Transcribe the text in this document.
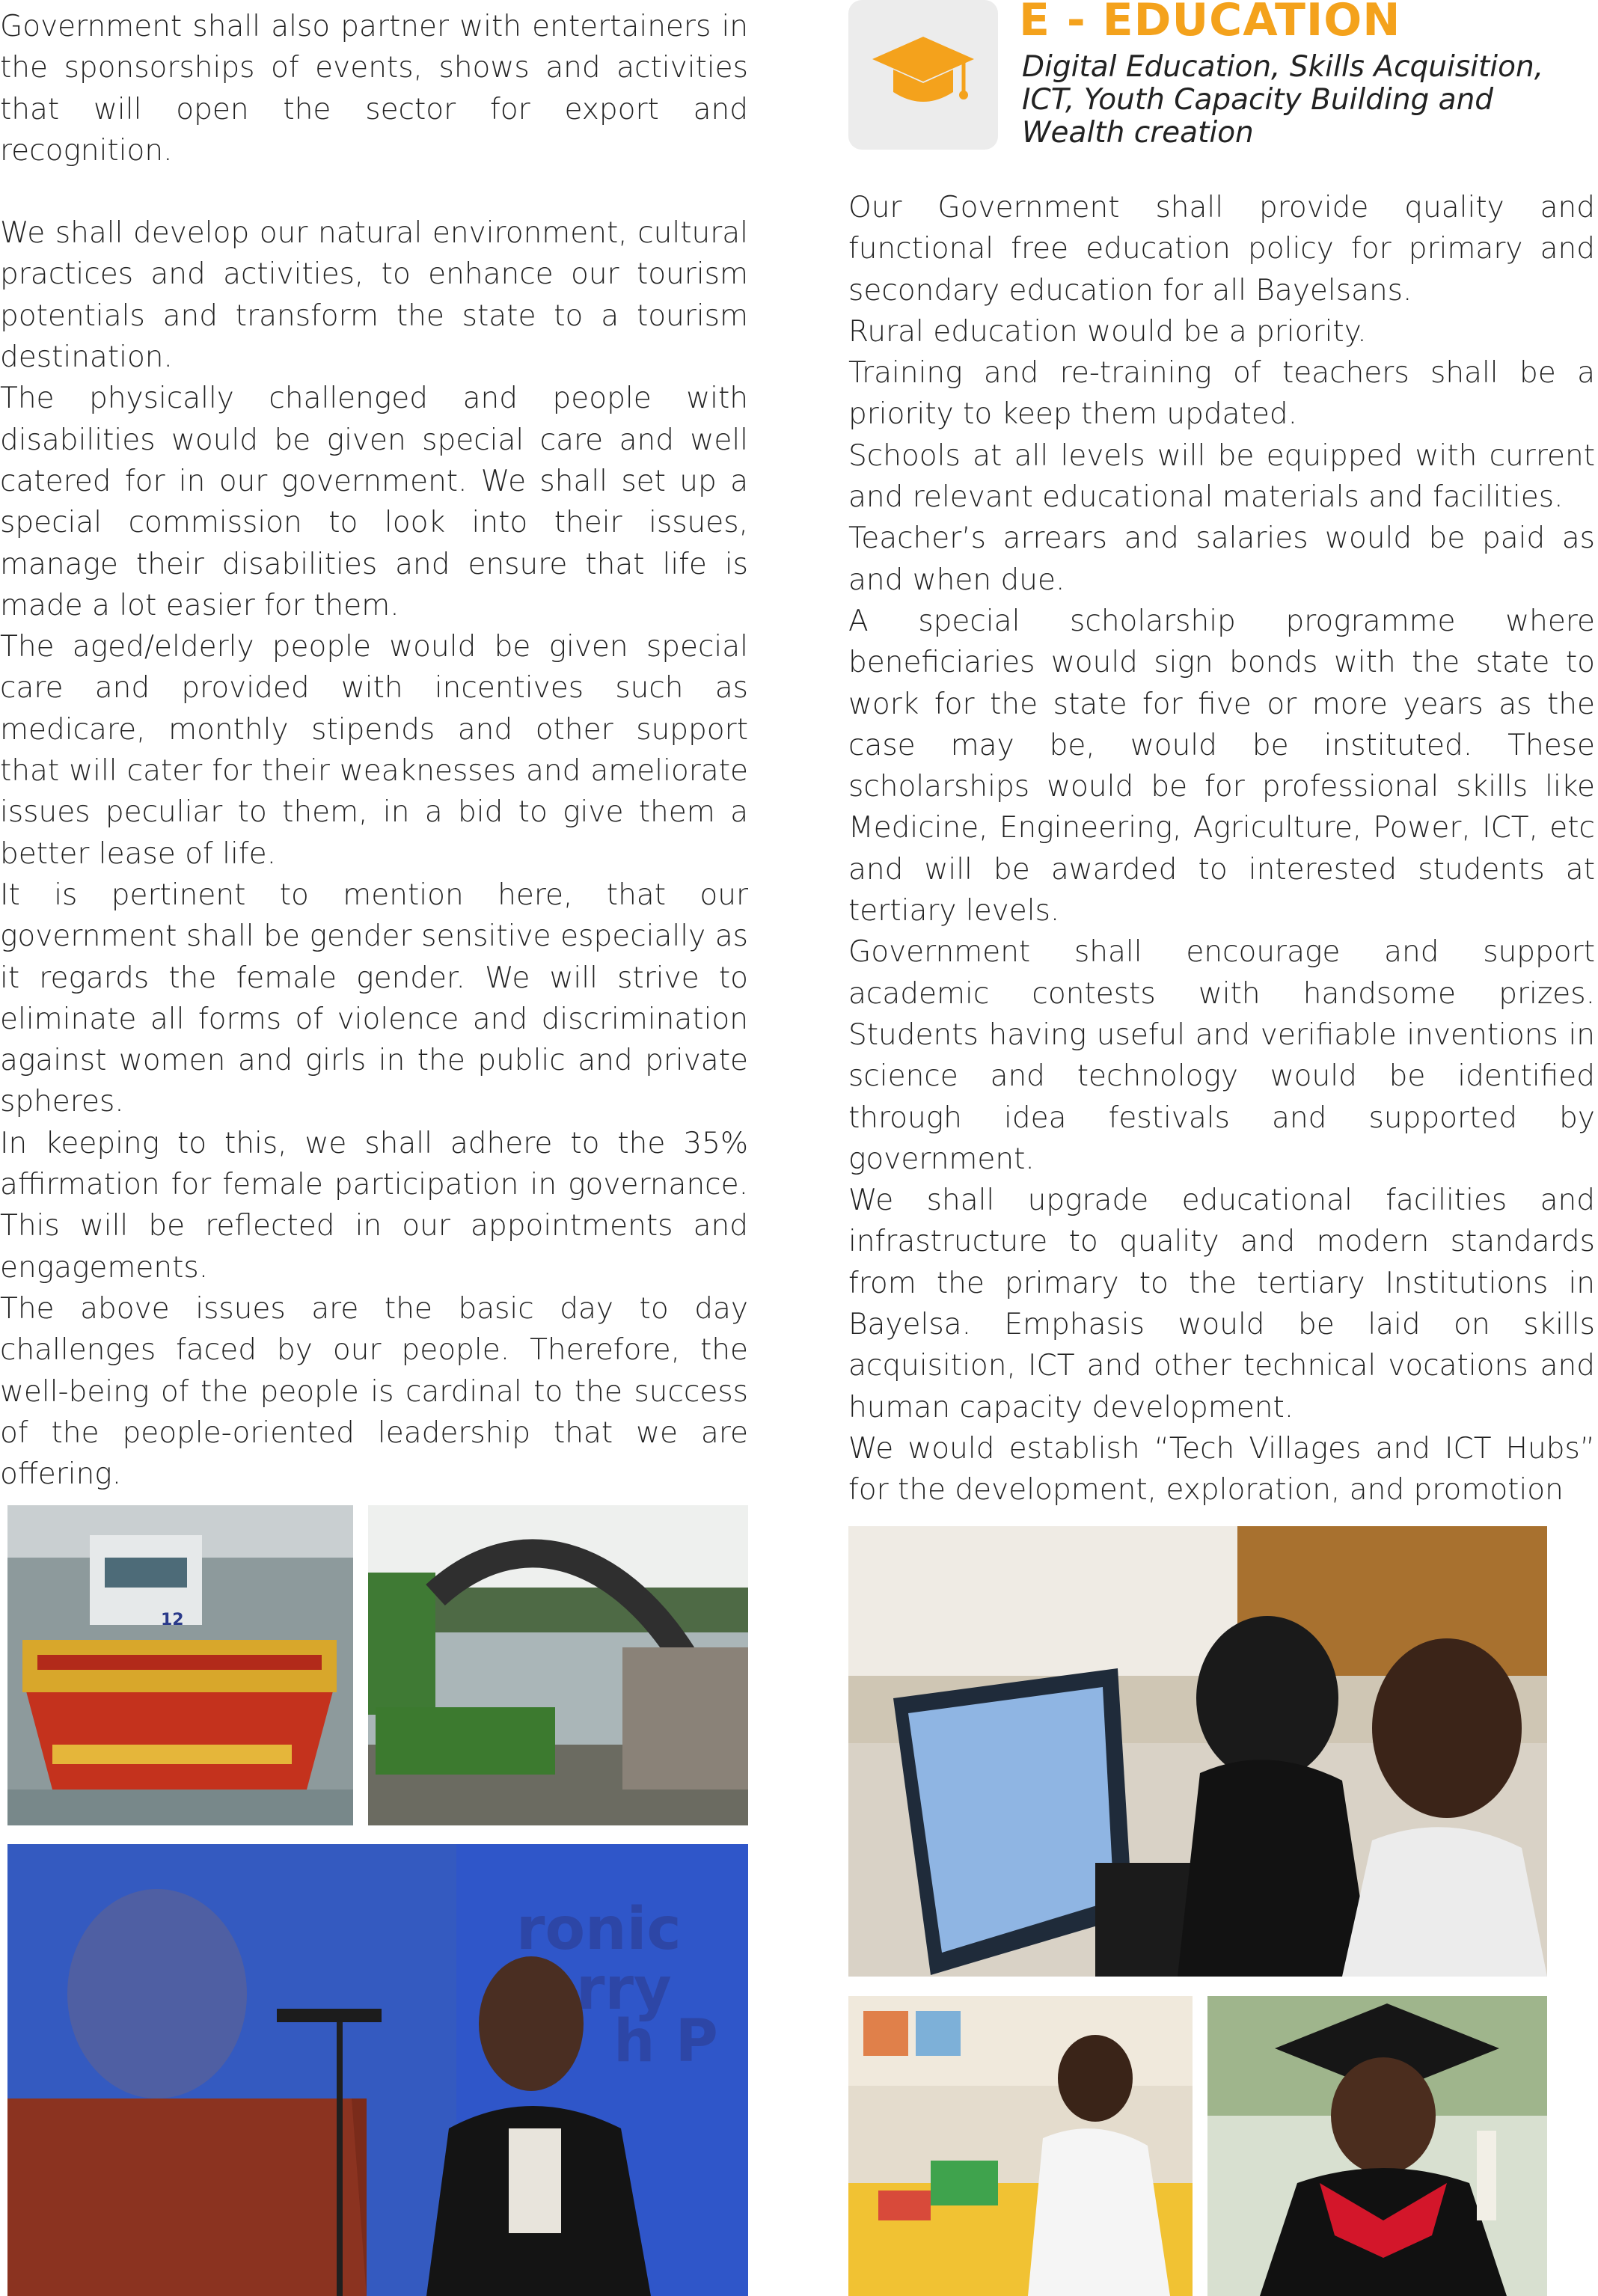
Government shall also partner with entertainers in the sponsorships of events, shows and activities that will open the sector for export and recognition.

We shall develop our natural environment, cultural practices and activities, to enhance our tourism potentials and transform the state to a tourism destination.

The physically challenged and people with disabilities would be given special care and well catered for in our government. We shall set up a special commission to look into their issues, manage their disabilities and ensure that life is made a lot easier for them.

The aged/elderly people would be given special care and provided with incentives such as medicare, monthly stipends and other support that will cater for their weaknesses and ameliorate issues peculiar to them, in a bid to give them a better lease of life.

It is pertinent to mention here, that our government shall be gender sensitive especially as it regards the female gender. We will strive to eliminate all forms of violence and discrimination against women and girls in the public and private spheres.

In keeping to this, we shall adhere to the 35% affirmation for female participation in governance. This will be reflected in our appointments and engagements.

The above issues are the basic day to day challenges faced by our people. Therefore, the well-being of the people is cardinal to the success of the people-oriented leadership that we are offering.

E - EDUCATION

Digital Education, Skills Acquisition, ICT, Youth Capacity Building and Wealth creation

Our Government shall provide quality and functional free education policy for primary and secondary education for all Bayelsans.

Rural education would be a priority.

Training and re-training of teachers shall be a priority to keep them updated.

Schools at all levels will be equipped with current and relevant educational materials and facilities.

Teacher’s arrears and salaries would be paid as and when due.

A special scholarship programme where beneficiaries would sign bonds with the state to work for the state for five or more years as the case may be, would be instituted. These scholarships would be for professional skills like Medicine, Engineering, Agriculture, Power, ICT, etc and will be awarded to interested students at tertiary levels.

Government shall encourage and support academic contests with handsome prizes. Students having useful and verifiable inventions in science and technology would be identified through idea festivals and supported by government.

We shall upgrade educational facilities and infrastructure to quality and modern standards from the primary to the tertiary Institutions in Bayelsa. Emphasis would be laid on skills acquisition, ICT and other technical vocations and human capacity development.

We would establish “Tech Villages and ICT Hubs” for the development, exploration, and promotion

12
ronic
rry
h P
